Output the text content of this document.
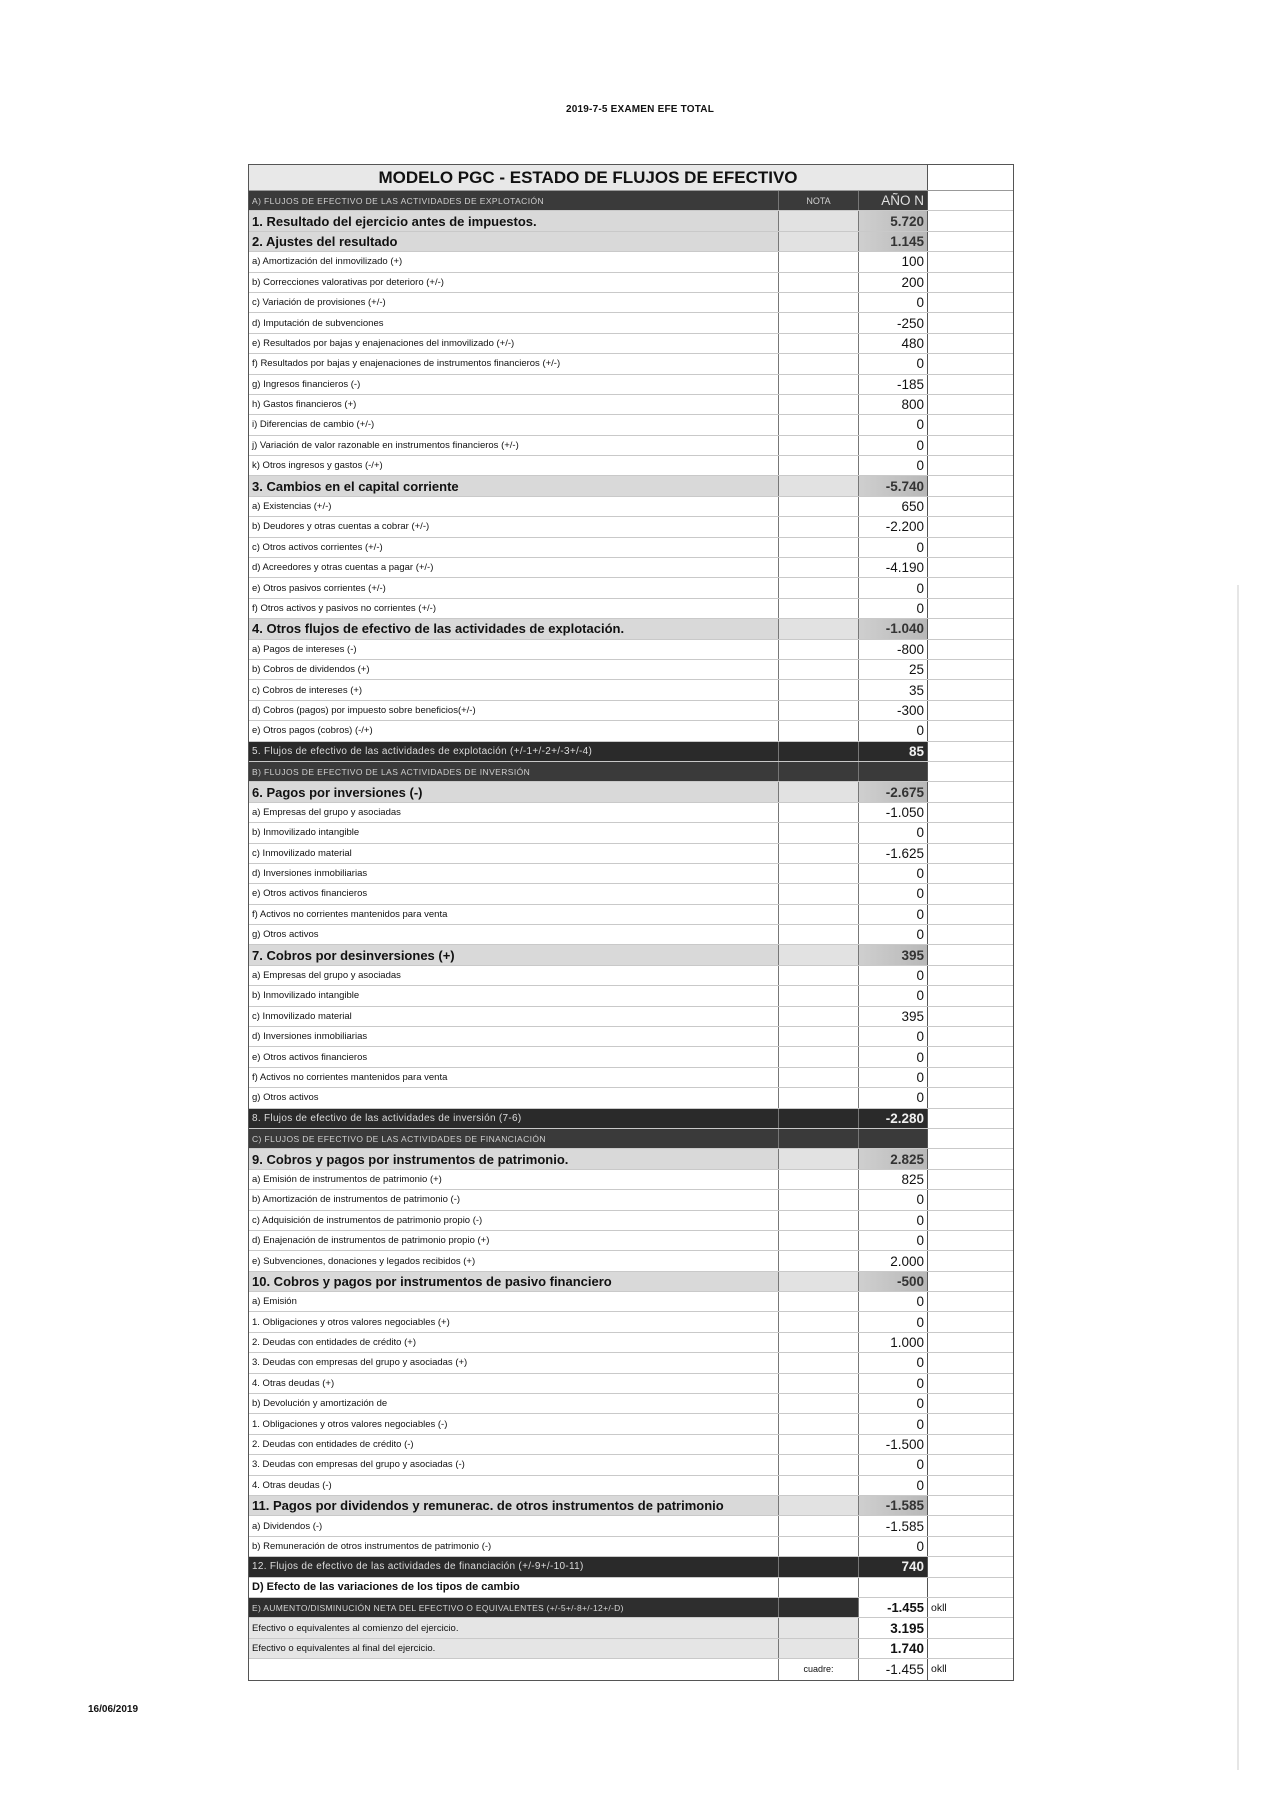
2019-7-5 EXAMEN EFE TOTAL
MODELO PGC - ESTADO DE FLUJOS DE EFECTIVO
A) FLUJOS DE EFECTIVO DE LAS ACTIVIDADES DE EXPLOTACIÓN	NOTA	AÑO N
1. Resultado del ejercicio antes de impuestos.	5.720
2. Ajustes del resultado	1.145
a) Amortización del inmovilizado (+)	100
b) Correcciones valorativas por deterioro (+/-)	200
c) Variación de provisiones (+/-)	0
d) Imputación de subvenciones	-250
e) Resultados por bajas y enajenaciones del inmovilizado (+/-)	480
f) Resultados por bajas y enajenaciones de instrumentos financieros (+/-)	0
g) Ingresos financieros (-)	-185
h) Gastos financieros (+)	800
i) Diferencias de cambio (+/-)	0
j) Variación de valor razonable en instrumentos financieros (+/-)	0
k) Otros ingresos y gastos (-/+)	0
3. Cambios en el capital corriente	-5.740
a) Existencias (+/-)	650
b) Deudores y otras cuentas a cobrar (+/-)	-2.200
c) Otros activos corrientes (+/-)	0
d) Acreedores y otras cuentas a pagar (+/-)	-4.190
e) Otros pasivos corrientes (+/-)	0
f) Otros activos y pasivos no corrientes (+/-)	0
4. Otros flujos de efectivo de las actividades de explotación.	-1.040
a) Pagos de intereses (-)	-800
b) Cobros de dividendos (+)	25
c) Cobros de intereses (+)	35
d) Cobros (pagos) por impuesto sobre beneficios(+/-)	-300
e) Otros pagos (cobros) (-/+)	0
5. Flujos de efectivo de las actividades de explotación (+/-1+/-2+/-3+/-4)	85
B) FLUJOS DE EFECTIVO DE LAS ACTIVIDADES DE INVERSIÓN
6. Pagos por inversiones (-)	-2.675
a) Empresas del grupo y asociadas	-1.050
b) Inmovilizado intangible	0
c) Inmovilizado material	-1.625
d) Inversiones inmobiliarias	0
e) Otros activos financieros	0
f) Activos no corrientes mantenidos para venta	0
g) Otros activos	0
7. Cobros por desinversiones (+)	395
a) Empresas del grupo y asociadas	0
b) Inmovilizado intangible	0
c) Inmovilizado material	395
d) Inversiones inmobiliarias	0
e) Otros activos financieros	0
f) Activos no corrientes mantenidos para venta	0
g) Otros activos	0
8. Flujos de efectivo de las actividades de inversión (7-6)	-2.280
C) FLUJOS DE EFECTIVO DE LAS ACTIVIDADES DE FINANCIACIÓN
9. Cobros y pagos por instrumentos de patrimonio.	2.825
a) Emisión de instrumentos de patrimonio (+)	825
b) Amortización de instrumentos de patrimonio (-)	0
c) Adquisición de instrumentos de patrimonio propio (-)	0
d) Enajenación de instrumentos de patrimonio propio (+)	0
e) Subvenciones, donaciones y legados recibidos (+)	2.000
10. Cobros y pagos por instrumentos de pasivo financiero	-500
a) Emisión	0
1. Obligaciones y otros valores negociables (+)	0
2. Deudas con entidades de crédito (+)	1.000
3. Deudas con empresas del grupo y asociadas (+)	0
4. Otras deudas (+)	0
b) Devolución y amortización de	0
1. Obligaciones y otros valores negociables (-)	0
2. Deudas con entidades de crédito (-)	-1.500
3. Deudas con empresas del grupo y asociadas (-)	0
4. Otras deudas (-)	0
11. Pagos por dividendos y remunerac. de otros instrumentos de patrimonio	-1.585
a) Dividendos (-)	-1.585
b) Remuneración de otros instrumentos de patrimonio (-)	0
12. Flujos de efectivo de las actividades de financiación (+/-9+/-10-11)	740
D) Efecto de las variaciones de los tipos de cambio
E) AUMENTO/DISMINUCIÓN NETA DEL EFECTIVO O EQUIVALENTES (+/-5+/-8+/-12+/-D)	-1.455 okll
Efectivo o equivalentes al comienzo del ejercicio.	3.195
Efectivo o equivalentes al final del ejercicio.	1.740
cuadre:	-1.455 okll
16/06/2019
